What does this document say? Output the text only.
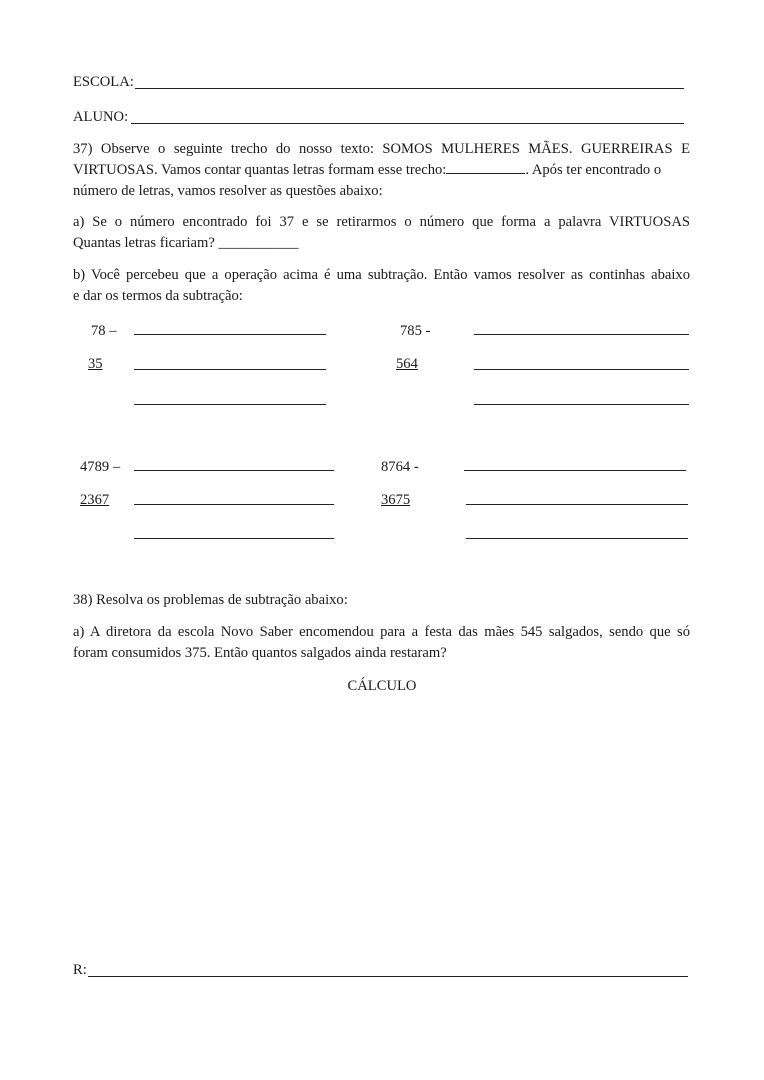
ESCOLA:
ALUNO:
37) Observe o seguinte trecho do nosso texto: SOMOS MULHERES MÃES. GUERREIRAS E
VIRTUOSAS. Vamos contar quantas letras formam esse trecho:	. Após ter encontrado o
número de letras, vamos resolver as questões abaixo:
a) Se o número encontrado foi 37 e se retirarmos o número que forma a palavra VIRTUOSAS
Quantas letras ficariam? ___________
b) Você percebeu que a operação acima é uma subtração. Então vamos resolver as continhas abaixo
e dar os termos da subtração:
78 –
35
785 -
564
4789 –
2367
8764 -
3675
38) Resolva os problemas de subtração abaixo:
a) A diretora da escola Novo Saber encomendou para a festa das mães 545 salgados, sendo que só
foram consumidos 375. Então quantos salgados ainda restaram?
CÁLCULO
R:
